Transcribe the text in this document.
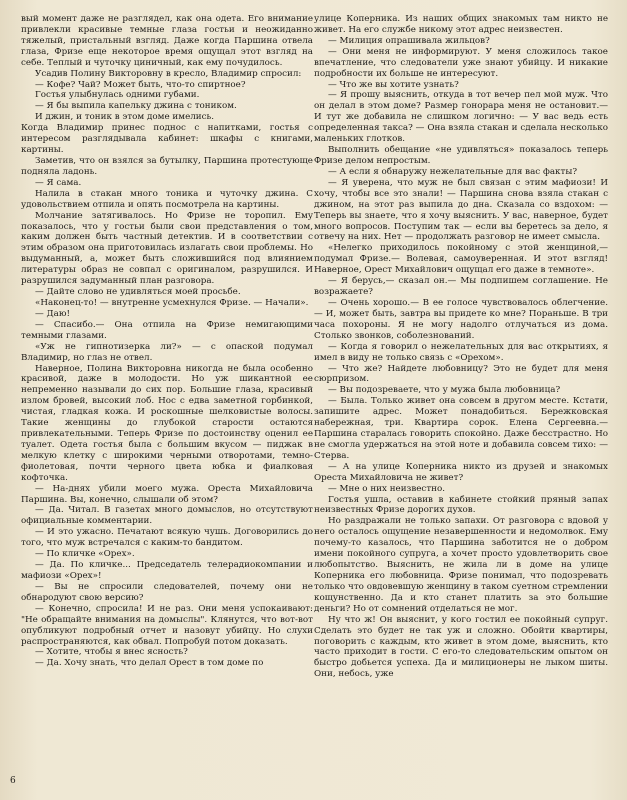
вый момент даже не разглядел, как она одета. Его внимание привлекли красивые темные глаза гостьи и неожиданно тяжелый, пристальный взгляд. Даже когда Паршина отвела глаза, Фризе еще некоторое время ощущал этот взгляд на себе. Теплый и чуточку циничный, как ему почудилось.

Усадив Полину Викторовну в кресло, Владимир спросил:

— Кофе? Чай? Может быть, что-то спиртное?

Гостья улыбнулась одними губами.

— Я бы выпила капельку джина с тоником.

И джин, и тоник в этом доме имелись.

Когда Владимир принес поднос с напитками, гостья с интересом разглядывала кабинет: шкафы с книгами, картины.

Заметив, что он взялся за бутылку, Паршина протестующе подняла ладонь.

— Я сама.

Налила в стакан много тоника и чуточку джина. С удовольствием отпила и опять посмотрела на картины.

Молчание затягивалось. Но Фризе не торопил. Ему показалось, что у гостьи были свои представления о том, каким должен быть частный детектив. И в соответствии с этим образом она приготовилась излагать свои проблемы. Но выдуманный, а, может быть сложившийся под влиянием литературы образ не совпал с оригиналом, разрушился. И разрушился задуманный план разговора.

— Дайте слово не удивляться моей просьбе.

«Наконец-то! — внутренне усмехнулся Фризе. — Начали».

— Даю!

— Спасибо.— Она отпила на Фризе немигающими темными глазами.

«Уж не гипнотизерка ли?» — с опаской подумал Владимир, но глаз не отвел.

Наверное, Полина Викторовна никогда не была особенно красивой, даже в молодости. Но уж шикантной ее непременно называли до сих пор. Большие глаза, красивый излом бровей, высокий лоб. Нос с едва заметной горбинкой, чистая, гладкая кожа. И роскошные шелковистые волосы. Такие женщины до глубокой старости остаются привлекательными. Теперь Фризе по достоинству оценил ее туалет. Одета гостья была с большим вкусом — пиджак в мелкую клетку с широкими черными отворотами, темно-фиолетовая, почти черного цвета юбка и фиалковая кофточка.

— На-днях убили моего мужа. Ореста Михайловича Паршина. Вы, конечно, слышали об этом?

— Да. Читал. В газетах много домыслов, но отсутствуют официальные комментарии.

— И это ужасно. Печатают всякую чушь. Договорились до того, что муж встречался с каким-то бандитом.

— По кличке «Орех».

— Да. По кличке... Председатель телерадиокомпании и мафиози «Орех»!

— Вы не спросили следователей, почему они не обнародуют свою версию?

— Конечно, спросила! И не раз. Они меня успокаивают: "Не обращайте внимания на домыслы". Клянутся, что вот-вот опубликуют подробный отчет и назовут убийцу. Но слухи распространяются, как обвал. Попробуй потом доказать.

— Хотите, чтобы я внес ясность?

— Да. Хочу знать, что делал Орест в том доме по

улице Коперника. Из наших общих знакомых там никто не живет. На его службе никому этот адрес неизвестен.

— Милиция опрашивала жильцов?

— Они меня не информируют. У меня сложилось такое впечатление, что следователи уже знают убийцу. И никакие подробности их больше не интересуют.

— Что же вы хотите узнать?

— Я прошу выяснить, откуда в тот вечер пел мой муж. Что он делал в этом доме? Размер гонорара меня не остановит.— И тут же добавила не слишком логично: — У вас ведь есть определенная такса? — Она взяла стакан и сделала несколько маленьких глотков.

Выполнить обещание «не удивляться» показалось теперь Фризе делом непростым.

— А если я обнаружу нежелательные для вас факты?

— Я уверена, что муж не был связан с этим мафиози! И хочу, чтобы все это знали! — Паршина снова взяла стакан с джином, на этот раз выпила до дна. Сказала со вздохом: — Теперь вы знаете, что я хочу выяснить. У вас, наверное, будет много вопросов. Поступим так — если вы беретесь за дело, я отвечу на них. Нет — продолжать разговор не имеет смысла.

«Нелегко приходилось покойному с этой женщиной,— подумал Фризе.— Волевая, самоуверенная. И этот взгляд! Наверное, Орест Михайлович ощущал его даже в темноте».

— Я берусь,— сказал он.— Мы подпишем соглашение. Не возражаете?

— Очень хорошо.— В ее голосе чувствовалось облегчение.— И, может быть, завтра вы придете ко мне? Пораньше. В три часа похороны. Я не могу надолго отлучаться из дома. Столько звонков, соболезнований.

— Когда я говорил о нежелательных для вас открытиях, я имел в виду не только связь с «Орехом».

— Что же? Найдете любовницу? Это не будет для меня сюрпризом.

— Вы подозреваете, что у мужа была любовница?

— Была. Только живет она совсем в другом месте. Кстати, запишите адрес. Может понадобиться. Бережковская набережная, три. Квартира сорок. Елена Сергеевна.— Паршина старалась говорить спокойно. Даже бесстрастно. Но не смогла удержаться на этой ноте и добавила совсем тихо: — Стерва.

— А на улице Коперника никто из друзей и знакомых Ореста Михайловича не живет?

— Мне о них неизвестно.

Гостья ушла, оставив в кабинете стойкий пряный запах неизвестных Фризе дорогих духов.

Но раздражали не только запахи. От разговора с вдовой у него осталось ощущение незавершенности и недомолвок. Ему почему-то казалось, что Паршина заботится не о добром имени покойного супруга, а хочет просто удовлетворить свое любопытство. Выяснить, не жила ли в доме на улице Коперника его любовница. Фризе понимал, что подозревать только что овдовевшую женщину в таком суетном стремлении кощунственно. Да и кто станет платить за это большие деньги? Но от сомнений отделаться не мог.

Ну что ж! Он выяснит, у кого гостил ее покойный супруг. Сделать это будет не так уж и сложно. Обойти квартиры, поговорить с каждым, кто живет в этом доме, выяснить, кто часто приходит в гости. С его-то следовательским опытом он быстро добьется успеха. Да и милиционеры не лыком шиты. Они, небось, уже

6
